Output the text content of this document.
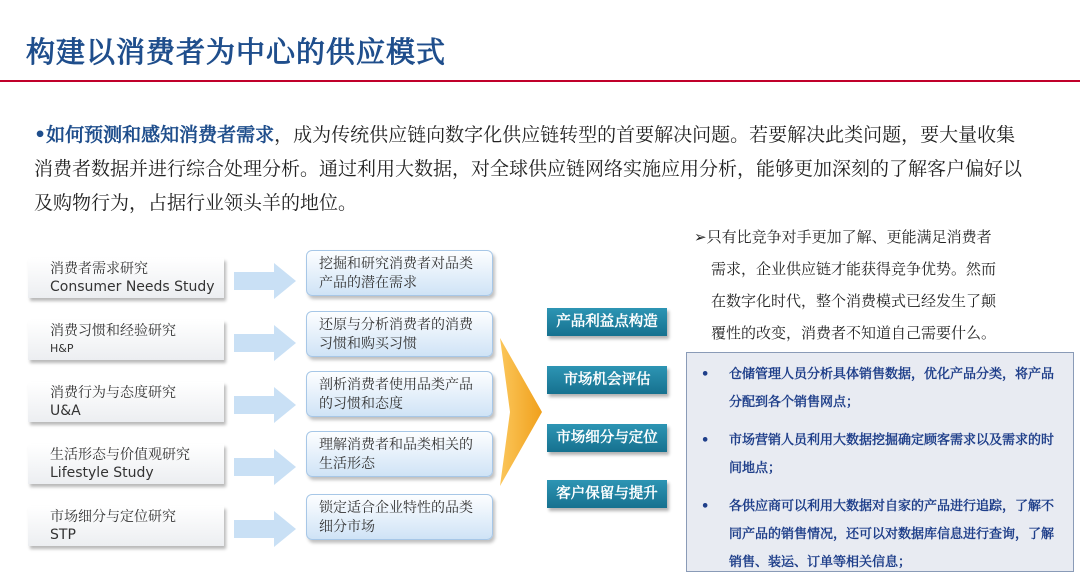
构建以消费者为中心的供应模式
•如何预测和感知消费者需求，成为传统供应链向数字化供应链转型的首要解决问题。若要解决此类问题，要大量收集消费者数据并进行综合处理分析。通过利用大数据，对全球供应链网络实施应用分析，能够更加深刻的了解客户偏好以及购物行为，占据行业领头羊的地位。
消费者需求研究
Consumer Needs Study
消费习惯和经验研究
H&P
消费行为与态度研究
U&A
生活形态与价值观研究
Lifestyle Study
市场细分与定位研究
STP
挖掘和研究消费者对品类产品的潜在需求
还原与分析消费者的消费习惯和购买习惯
剖析消费者使用品类产品的习惯和态度
理解消费者和品类相关的生活形态
锁定适合企业特性的品类细分市场
产品利益点构造
市场机会评估
市场细分与定位
客户保留与提升
➢只有比竞争对手更加了解、更能满足消费者
需求，企业供应链才能获得竞争优势。然而
在数字化时代，整个消费模式已经发生了颠
覆性的改变，消费者不知道自己需要什么。
• 仓储管理人员分析具体销售数据，优化产品分类，将产品分配到各个销售网点；
• 市场营销人员利用大数据挖掘确定顾客需求以及需求的时间地点；
• 各供应商可以利用大数据对自家的产品进行追踪，了解不同产品的销售情况，还可以对数据库信息进行查询，了解销售、装运、订单等相关信息；
